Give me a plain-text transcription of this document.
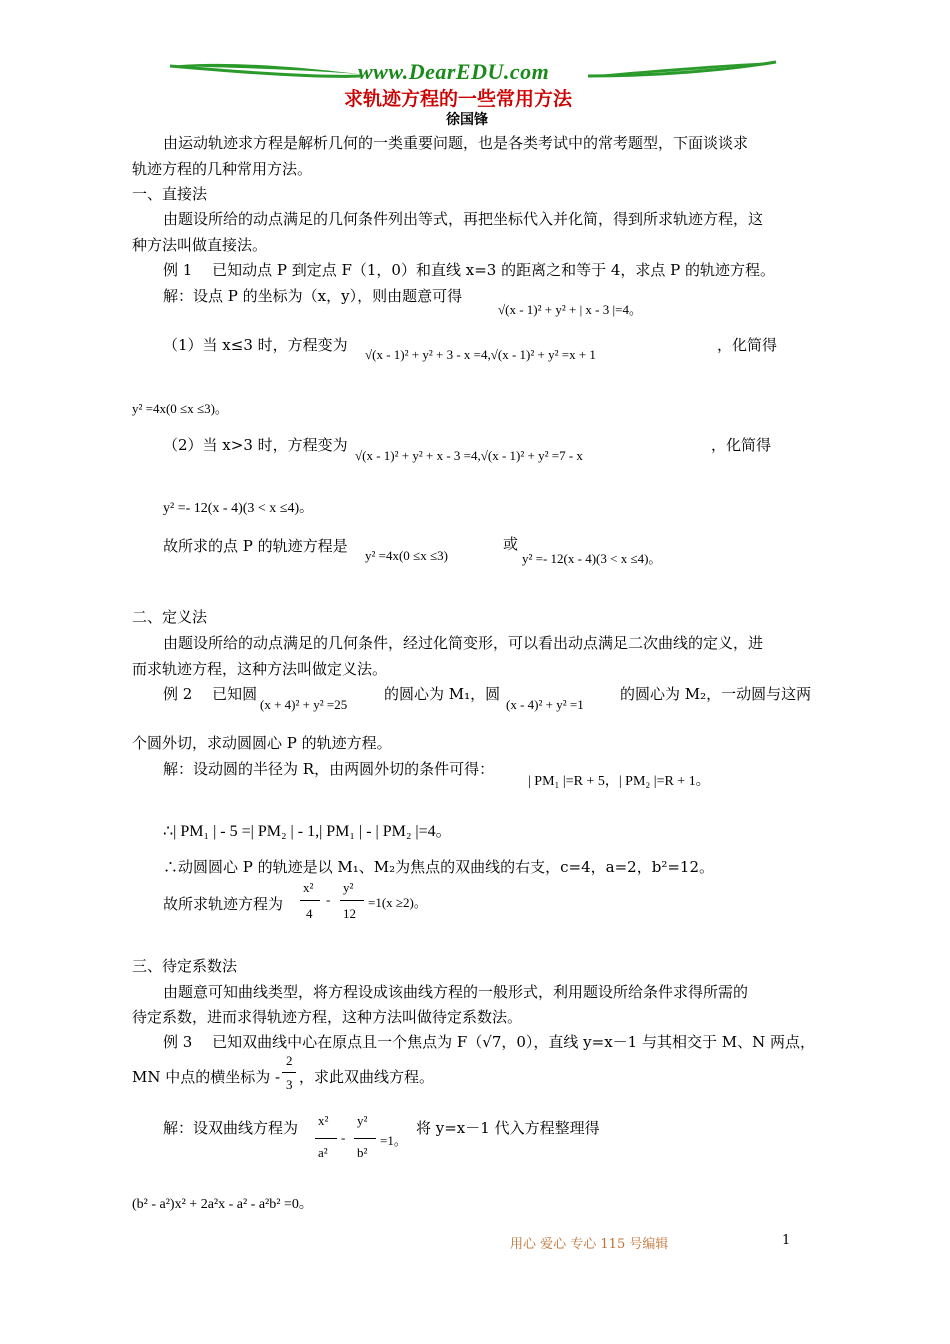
www.DearEDU.com
求轨迹方程的一些常用方法
徐国锋
由运动轨迹求方程是解析几何的一类重要问题，也是各类考试中的常考题型，下面谈谈求
轨迹方程的几种常用方法。
一、直接法
由题设所给的动点满足的几何条件列出等式，再把坐标代入并化简，得到所求轨迹方程，这
种方法叫做直接法。
例 1　 已知动点 P 到定点 F（1，0）和直线 x=3 的距离之和等于 4，求点 P 的轨迹方程。
解：设点 P 的坐标为（x，y），则由题意可得
√(x - 1)² + y² + | x - 3 |=4。
（1）当 x≤3 时，方程变为
√(x - 1)² + y² + 3 - x =4,√(x - 1)² + y² =x + 1
，化简得
y² =4x(0 ≤x ≤3)。
（2）当 x>3 时，方程变为
√(x - 1)² + y² + x - 3 =4,√(x - 1)² + y² =7 - x
，化简得
y² =- 12(x - 4)(3 < x ≤4)。
故所求的点 P 的轨迹方程是
y² =4x(0 ≤x ≤3)
或
y² =- 12(x - 4)(3 < x ≤4)。
二、定义法
由题设所给的动点满足的几何条件，经过化简变形，可以看出动点满足二次曲线的定义，进
而求轨迹方程，这种方法叫做定义法。
例 2　 已知圆
(x + 4)² + y² =25
的圆心为 M₁，圆
(x - 4)² + y² =1
的圆心为 M₂，一动圆与这两
个圆外切，求动圆圆心 P 的轨迹方程。
解：设动圆的半径为 R，由两圆外切的条件可得：
| PM₁ |=R + 5，| PM₂ |=R + 1。
∴| PM₁ | - 5 =| PM₂ | - 1,| PM₁ | - | PM₂ |=4。
∴动圆圆心 P 的轨迹是以 M₁、M₂为焦点的双曲线的右支，c=4，a=2，b²=12。
故所求轨迹方程为
x²
4
-
y²
12
=1(x ≥2)。
三、待定系数法
由题意可知曲线类型，将方程设成该曲线方程的一般形式，利用题设所给条件求得所需的
待定系数，进而求得轨迹方程，这种方法叫做待定系数法。
例 3　 已知双曲线中心在原点且一个焦点为 F（√7，0），直线 y=x－1 与其相交于 M、N 两点，
MN 中点的横坐标为 -
2
3 ，求此双曲线方程。
解：设双曲线方程为 x²
a²
-
y²
b²
=1。
将 y=x－1 代入方程整理得
(b² - a²)x² + 2a²x - a² - a²b² =0。
用心 爱心 专心 115 号编辑	1
